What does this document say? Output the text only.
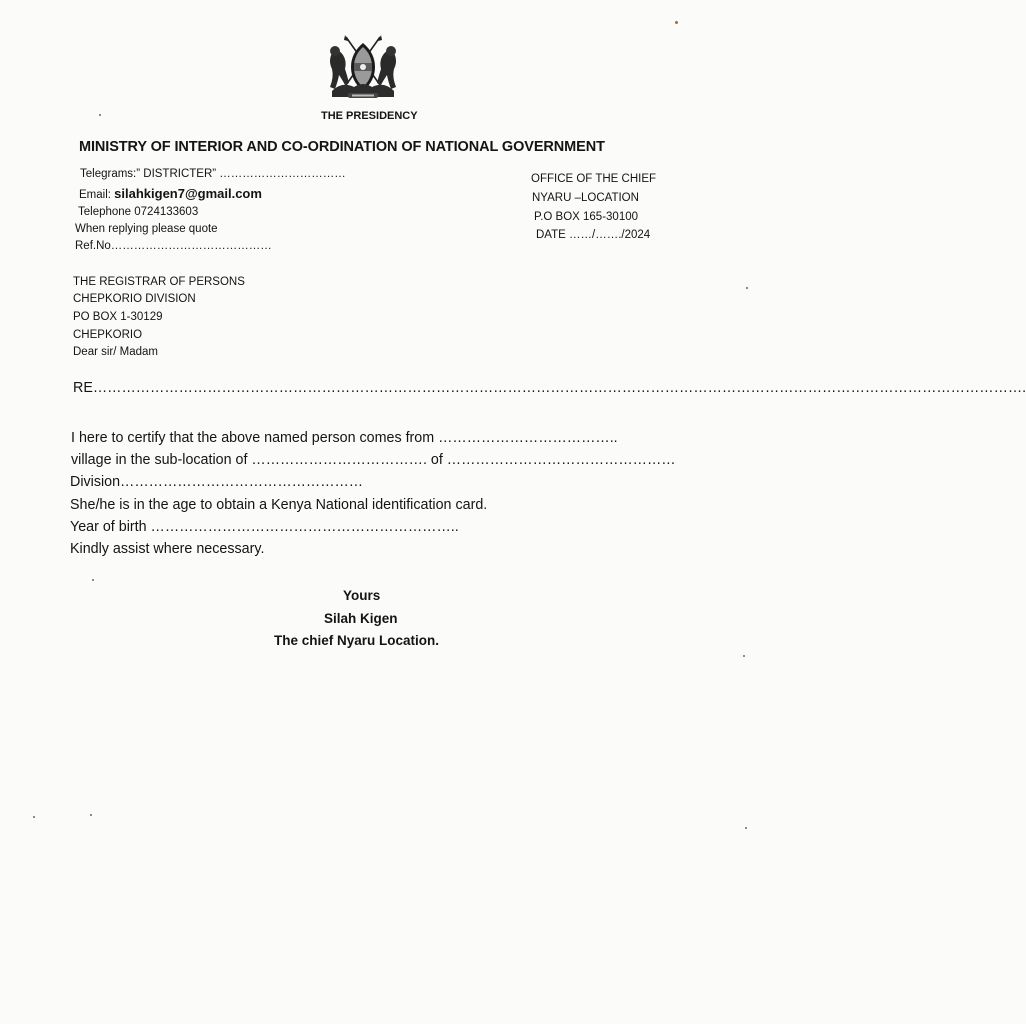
THE PRESIDENCY
MINISTRY OF INTERIOR AND CO-ORDINATION OF NATIONAL GOVERNMENT
Telegrams:” DISTRICTER” ……………………………
Email: silahkigen7@gmail.com
Telephone 0724133603
When replying please quote
Ref.No……………………………………
OFFICE OF THE CHIEF
NYARU –LOCATION
P.O BOX 165-30100
DATE ……/……./2024
THE REGISTRAR OF PERSONS
CHEPKORIO DIVISION
PO BOX 1-30129
CHEPKORIO
Dear sir/ Madam
RE…………………………………………………………………………………………………………………………………………………………………………….
I here to certify that the above named person comes from ………………………………..
village in the sub-location of ………………………………. of …………………………………………
Division……………………………………………
She/he is in the age to obtain a Kenya National identification card.
Year of birth ………………………………………………………..
Kindly assist where necessary.
Yours
Silah Kigen
The chief Nyaru Location.
